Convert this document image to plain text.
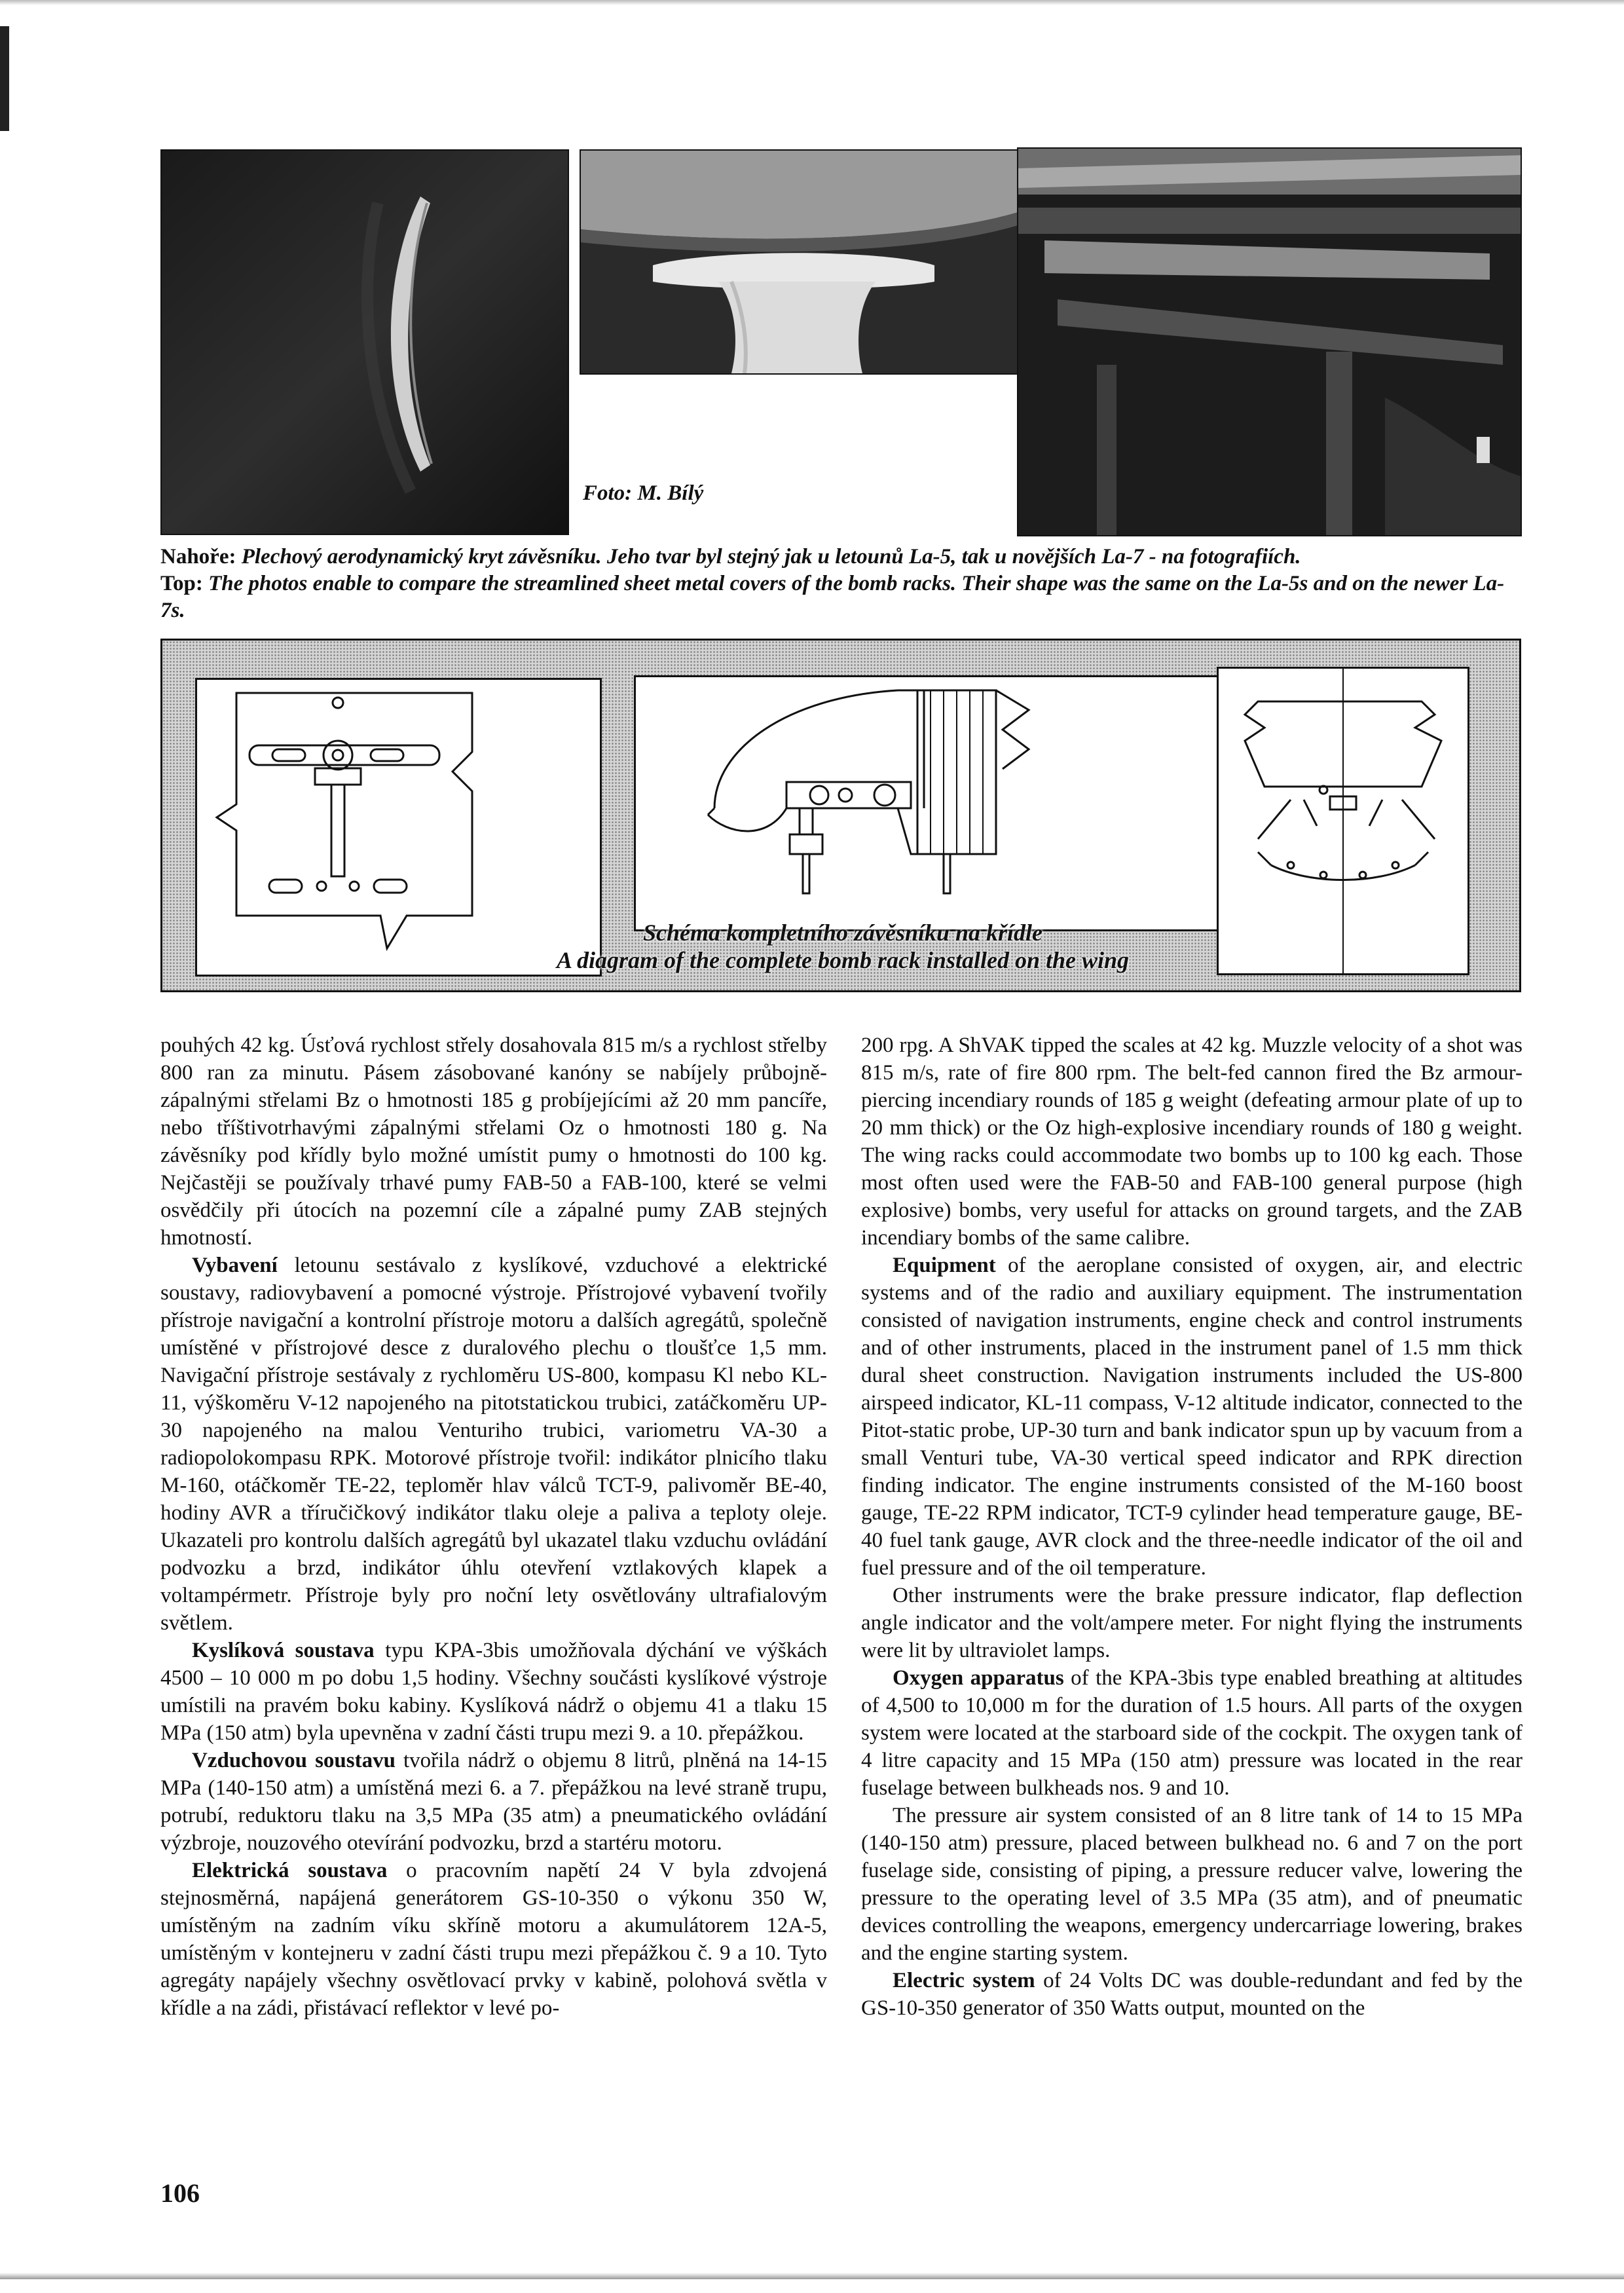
Foto: M. Bílý
Nahoře: Plechový aerodynamický kryt závěsníku. Jeho tvar byl stejný jak u letounů La-5, tak u novějších La-7 - na fotografiích.
Top: The photos enable to compare the streamlined sheet metal covers of the bomb racks. Their shape was the same on the La-5s and on the newer La-7s.
Schéma kompletního závěsníku na křídle
A diagram of the complete bomb rack installed on the wing

pouhých 42 kg. Úsťová rychlost střely dosahovala 815 m/s a rychlost střelby 800 ran za minutu. Pásem zásobované kanóny se nabíjely průbojně-zápalnými střelami Bz o hmotnosti 185 g probíjejícími až 20 mm pancíře, nebo tříštivotrhavými zápalnými střelami Oz o hmotnosti 180 g. Na závěsníky pod křídly bylo možné umístit pumy o hmotnosti do 100 kg. Nejčastěji se používaly trhavé pumy FAB-50 a FAB-100, které se velmi osvědčily při útocích na pozemní cíle a zápalné pumy ZAB stejných hmotností.

Vybavení letounu sestávalo z kyslíkové, vzduchové a elektrické soustavy, radiovybavení a pomocné výstroje. Přístrojové vybavení tvořily přístroje navigační a kontrolní přístroje motoru a dalších agregátů, společně umístěné v přístrojové desce z duralového plechu o tloušťce 1,5 mm. Navigační přístroje sestávaly z rychloměru US-800, kompasu Kl nebo KL-11, výškoměru V-12 napojeného na pitotstatickou trubici, zatáčkoměru UP-30 napojeného na malou Venturiho trubici, variometru VA-30 a radiopolokompasu RPK. Motorové přístroje tvořil: indikátor plnicího tlaku M-160, otáčkoměr TE-22, teploměr hlav válců TCT-9, palivoměr BE-40, hodiny AVR a tříručičkový indikátor tlaku oleje a paliva a teploty oleje. Ukazateli pro kontrolu dalších agregátů byl ukazatel tlaku vzduchu ovládání podvozku a brzd, indikátor úhlu otevření vztlakových klapek a voltampérmetr. Přístroje byly pro noční lety osvětlovány ultrafialovým světlem.

Kyslíková soustava typu KPA-3bis umožňovala dýchání ve výškách 4500 – 10 000 m po dobu 1,5 hodiny. Všechny součásti kyslíkové výstroje umístili na pravém boku kabiny. Kyslíková nádrž o objemu 41 a tlaku 15 MPa (150 atm) byla upevněna v zadní části trupu mezi 9. a 10. přepážkou.

Vzduchovou soustavu tvořila nádrž o objemu 8 litrů, plněná na 14-15 MPa (140-150 atm) a umístěná mezi 6. a 7. přepážkou na levé straně trupu, potrubí, reduktoru tlaku na 3,5 MPa (35 atm) a pneumatického ovládání výzbroje, nouzového otevírání podvozku, brzd a startéru motoru.

Elektrická soustava o pracovním napětí 24 V byla zdvojená stejnosměrná, napájená generátorem GS-10-350 o výkonu 350 W, umístěným na zadním víku skříně motoru a akumulátorem 12A-5, umístěným v kontejneru v zadní části trupu mezi přepážkou č. 9 a 10. Tyto agregáty napájely všechny osvětlovací prvky v kabině, polohová světla v křídle a na zádi, přistávací reflektor v levé po-

200 rpg. A ShVAK tipped the scales at 42 kg. Muzzle velocity of a shot was 815 m/s, rate of fire 800 rpm. The belt-fed cannon fired the Bz armour-piercing incendiary rounds of 185 g weight (defeating armour plate of up to 20 mm thick) or the Oz high-explosive incendiary rounds of 180 g weight. The wing racks could accommodate two bombs up to 100 kg each. Those most often used were the FAB-50 and FAB-100 general purpose (high explosive) bombs, very useful for attacks on ground targets, and the ZAB incendiary bombs of the same calibre.

Equipment of the aeroplane consisted of oxygen, air, and electric systems and of the radio and auxiliary equipment. The instrumentation consisted of navigation instruments, engine check and control instruments and of other instruments, placed in the instrument panel of 1.5 mm thick dural sheet construction. Navigation instruments included the US-800 airspeed indicator, KL-11 compass, V-12 altitude indicator, connected to the Pitot-static probe, UP-30 turn and bank indicator spun up by vacuum from a small Venturi tube, VA-30 vertical speed indicator and RPK direction finding indicator. The engine instruments consisted of the M-160 boost gauge, TE-22 RPM indicator, TCT-9 cylinder head temperature gauge, BE-40 fuel tank gauge, AVR clock and the three-needle indicator of the oil and fuel pressure and of the oil temperature.

Other instruments were the brake pressure indicator, flap deflection angle indicator and the volt/ampere meter. For night flying the instruments were lit by ultraviolet lamps.

Oxygen apparatus of the KPA-3bis type enabled breathing at altitudes of 4,500 to 10,000 m for the duration of 1.5 hours. All parts of the oxygen system were located at the starboard side of the cockpit. The oxygen tank of 4 litre capacity and 15 MPa (150 atm) pressure was located in the rear fuselage between bulkheads nos. 9 and 10.

The pressure air system consisted of an 8 litre tank of 14 to 15 MPa (140-150 atm) pressure, placed between bulkhead no. 6 and 7 on the port fuselage side, consisting of piping, a pressure reducer valve, lowering the pressure to the operating level of 3.5 MPa (35 atm), and of pneumatic devices controlling the weapons, emergency undercarriage lowering, brakes and the engine starting system.

Electric system of 24 Volts DC was double-redundant and fed by the GS-10-350 generator of 350 Watts output, mounted on the

106
